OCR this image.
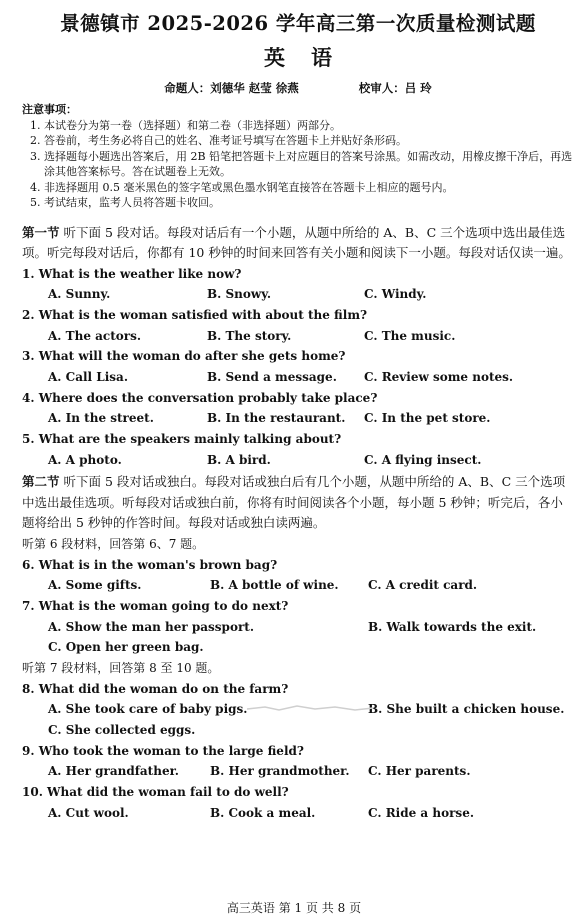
景德镇市 2025-2026 学年高三第一次质量检测试题
英语
命题人：刘德华 赵莹 徐燕	校审人：吕 玲
注意事项：
1. 本试卷分为第一卷（选择题）和第二卷（非选择题）两部分。
2. 答卷前，考生务必将自己的姓名、准考证号填写在答题卡上并贴好条形码。
3. 选择题每小题选出答案后，用 2B 铅笔把答题卡上对应题目的答案号涂黑。如需改动，用橡皮擦干净后，再选涂其他答案标号。答在试题卷上无效。
4. 非选择题用 0.5 毫米黑色的签字笔或黑色墨水钢笔直接答在答题卡上相应的题号内。
5. 考试结束，监考人员将答题卡收回。
第一节 听下面 5 段对话。每段对话后有一个小题，从题中所给的 A、B、C 三个选项中选出最佳选项。听完每段对话后，你都有 10 秒钟的时间来回答有关小题和阅读下一小题。每段对话仅读一遍。
1. What is the weather like now?
A. Sunny.	B. Snowy.	C. Windy.
2. What is the woman satisfied with about the film?
A. The actors.	B. The story.	C. The music.
3. What will the woman do after she gets home?
A. Call Lisa.	B. Send a message. C. Review some notes.
4. Where does the conversation probably take place?
A. In the street.	B. In the restaurant. C. In the pet store.
5. What are the speakers mainly talking about?
A. A photo.	B. A bird.	C. A flying insect.
第二节 听下面 5 段对话或独白。每段对话或独白后有几个小题，从题中所给的 A、B、C 三个选项中选出最佳选项。听每段对话或独白前，你将有时间阅读各个小题，每小题 5 秒钟；听完后，各小题将给出 5 秒钟的作答时间。每段对话或独白读两遍。
听第 6 段材料，回答第 6、7 题。
6. What is in the woman's brown bag?
A. Some gifts.	B. A bottle of wine. C. A credit card.
7. What is the woman going to do next?
A. Show the man her passport.	B. Walk towards the exit.
C. Open her green bag.
听第 7 段材料，回答第 8 至 10 题。
8. What did the woman do on the farm?
A. She took care of baby pigs.	B. She built a chicken house.
C. She collected eggs.
9. Who took the woman to the large field?
A. Her grandfather.	B. Her grandmother. C. Her parents.
10. What did the woman fail to do well?
A. Cut wool.	B. Cook a meal.	C. Ride a horse.
高三英语 第 1 页 共 8 页
